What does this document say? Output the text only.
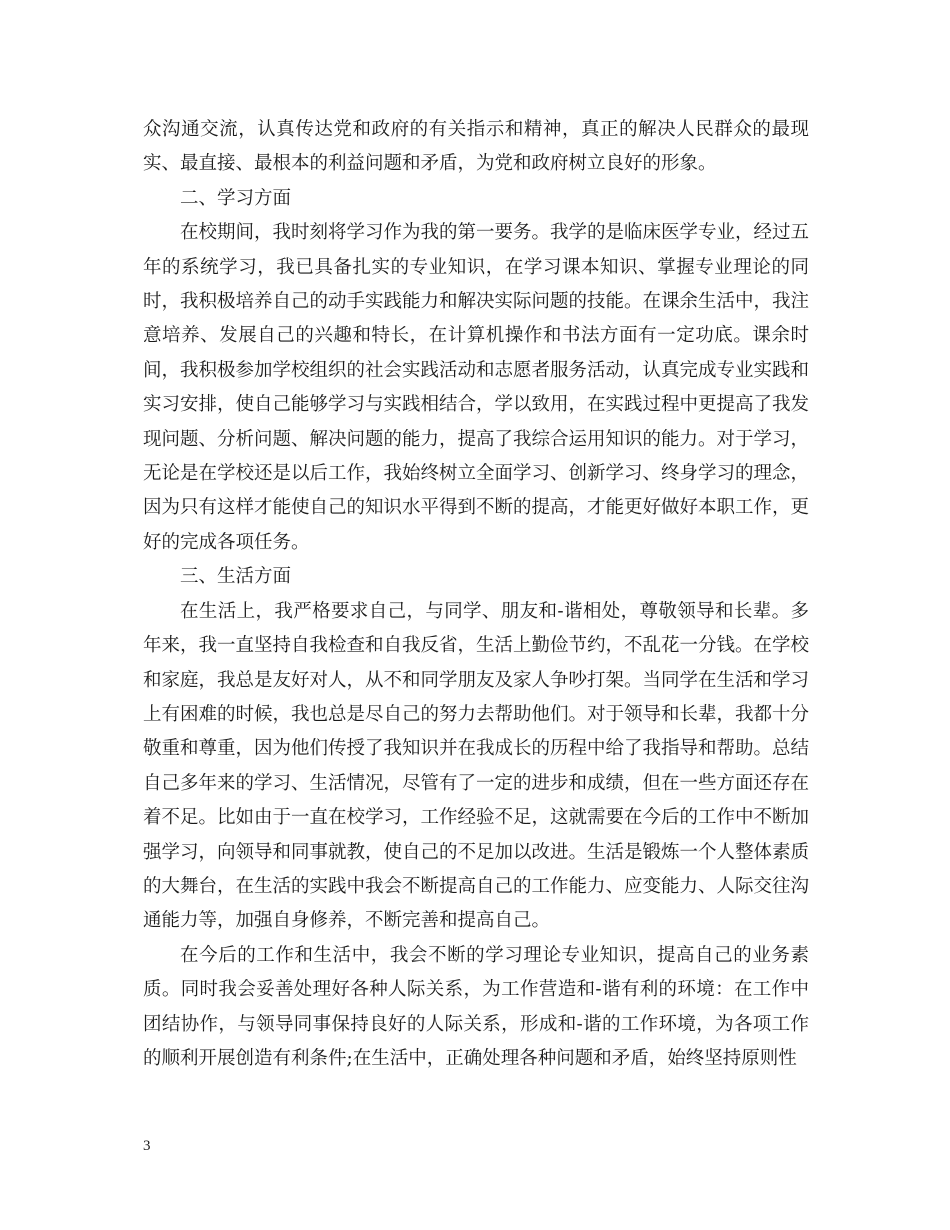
众沟通交流，认真传达党和政府的有关指示和精神，真正的解决人民群众的最现实、最直接、最根本的利益问题和矛盾，为党和政府树立良好的形象。

二、学习方面

在校期间，我时刻将学习作为我的第一要务。我学的是临床医学专业，经过五年的系统学习，我已具备扎实的专业知识，在学习课本知识、掌握专业理论的同时，我积极培养自己的动手实践能力和解决实际问题的技能。在课余生活中，我注意培养、发展自己的兴趣和特长，在计算机操作和书法方面有一定功底。课余时间，我积极参加学校组织的社会实践活动和志愿者服务活动，认真完成专业实践和实习安排，使自己能够学习与实践相结合，学以致用，在实践过程中更提高了我发现问题、分析问题、解决问题的能力，提高了我综合运用知识的能力。对于学习，无论是在学校还是以后工作，我始终树立全面学习、创新学习、终身学习的理念，因为只有这样才能使自己的知识水平得到不断的提高，才能更好做好本职工作，更好的完成各项任务。

三、生活方面

在生活上，我严格要求自己，与同学、朋友和-谐相处，尊敬领导和长辈。多年来，我一直坚持自我检查和自我反省，生活上勤俭节约，不乱花一分钱。在学校和家庭，我总是友好对人，从不和同学朋友及家人争吵打架。当同学在生活和学习上有困难的时候，我也总是尽自己的努力去帮助他们。对于领导和长辈，我都十分敬重和尊重，因为他们传授了我知识并在我成长的历程中给了我指导和帮助。总结自己多年来的学习、生活情况，尽管有了一定的进步和成绩，但在一些方面还存在着不足。比如由于一直在校学习，工作经验不足，这就需要在今后的工作中不断加强学习，向领导和同事就教，使自己的不足加以改进。生活是锻炼一个人整体素质的大舞台，在生活的实践中我会不断提高自己的工作能力、应变能力、人际交往沟通能力等，加强自身修养，不断完善和提高自己。

在今后的工作和生活中，我会不断的学习理论专业知识，提高自己的业务素质。同时我会妥善处理好各种人际关系，为工作营造和-谐有利的环境：在工作中团结协作，与领导同事保持良好的人际关系，形成和-谐的工作环境，为各项工作的顺利开展创造有利条件;在生活中，正确处理各种问题和矛盾，始终坚持原则性

3
